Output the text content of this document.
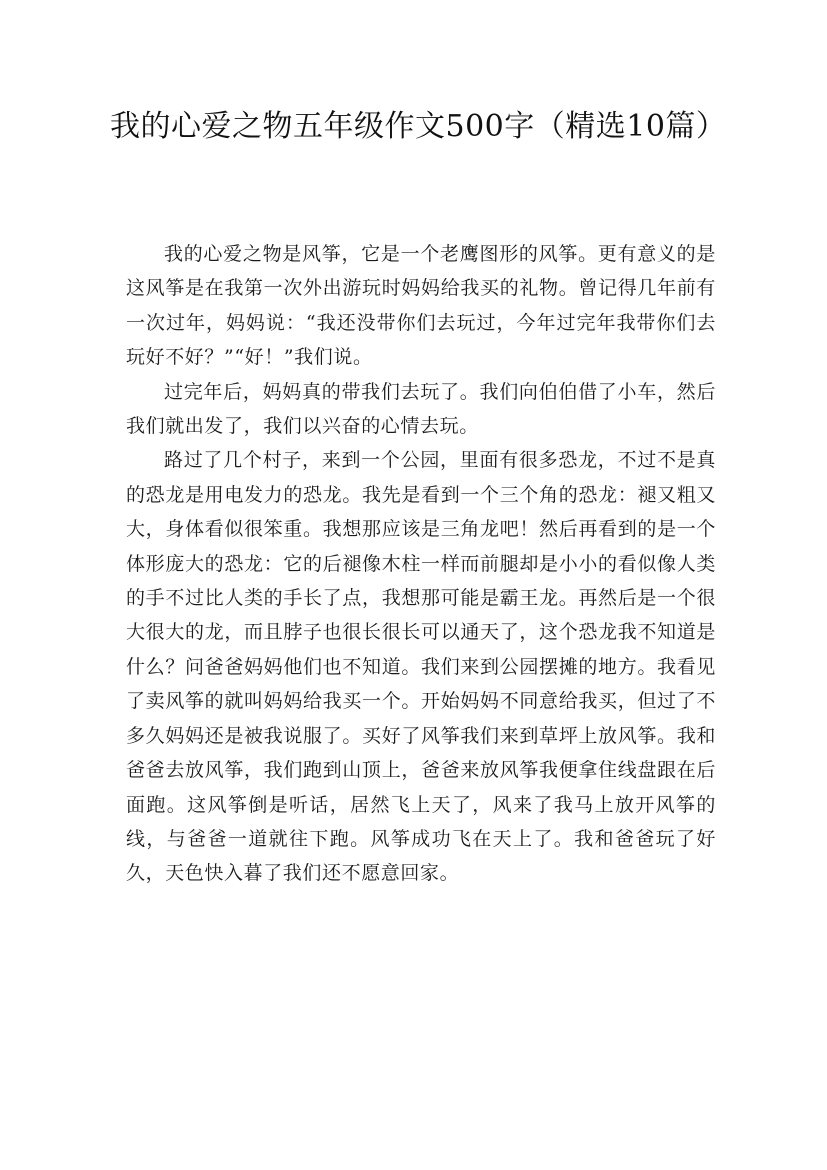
我的心爱之物五年级作文500字（精选10篇）

我的心爱之物是风筝，它是一个老鹰图形的风筝。更有意义的是这风筝是在我第一次外出游玩时妈妈给我买的礼物。曾记得几年前有一次过年，妈妈说：“我还没带你们去玩过，今年过完年我带你们去玩好不好？”“好！”我们说。

过完年后，妈妈真的带我们去玩了。我们向伯伯借了小车，然后我们就出发了，我们以兴奋的心情去玩。

路过了几个村子，来到一个公园，里面有很多恐龙，不过不是真的恐龙是用电发力的恐龙。我先是看到一个三个角的恐龙：褪又粗又大，身体看似很笨重。我想那应该是三角龙吧！然后再看到的是一个体形庞大的恐龙：它的后褪像木柱一样而前腿却是小小的看似像人类的手不过比人类的手长了点，我想那可能是霸王龙。再然后是一个很大很大的龙，而且脖子也很长很长可以通天了，这个恐龙我不知道是什么？问爸爸妈妈他们也不知道。我们来到公园摆摊的地方。我看见了卖风筝的就叫妈妈给我买一个。开始妈妈不同意给我买，但过了不多久妈妈还是被我说服了。买好了风筝我们来到草坪上放风筝。我和爸爸去放风筝，我们跑到山顶上，爸爸来放风筝我便拿住线盘跟在后面跑。这风筝倒是听话，居然飞上天了，风来了我马上放开风筝的线，与爸爸一道就往下跑。风筝成功飞在天上了。我和爸爸玩了好久，天色快入暮了我们还不愿意回家。
